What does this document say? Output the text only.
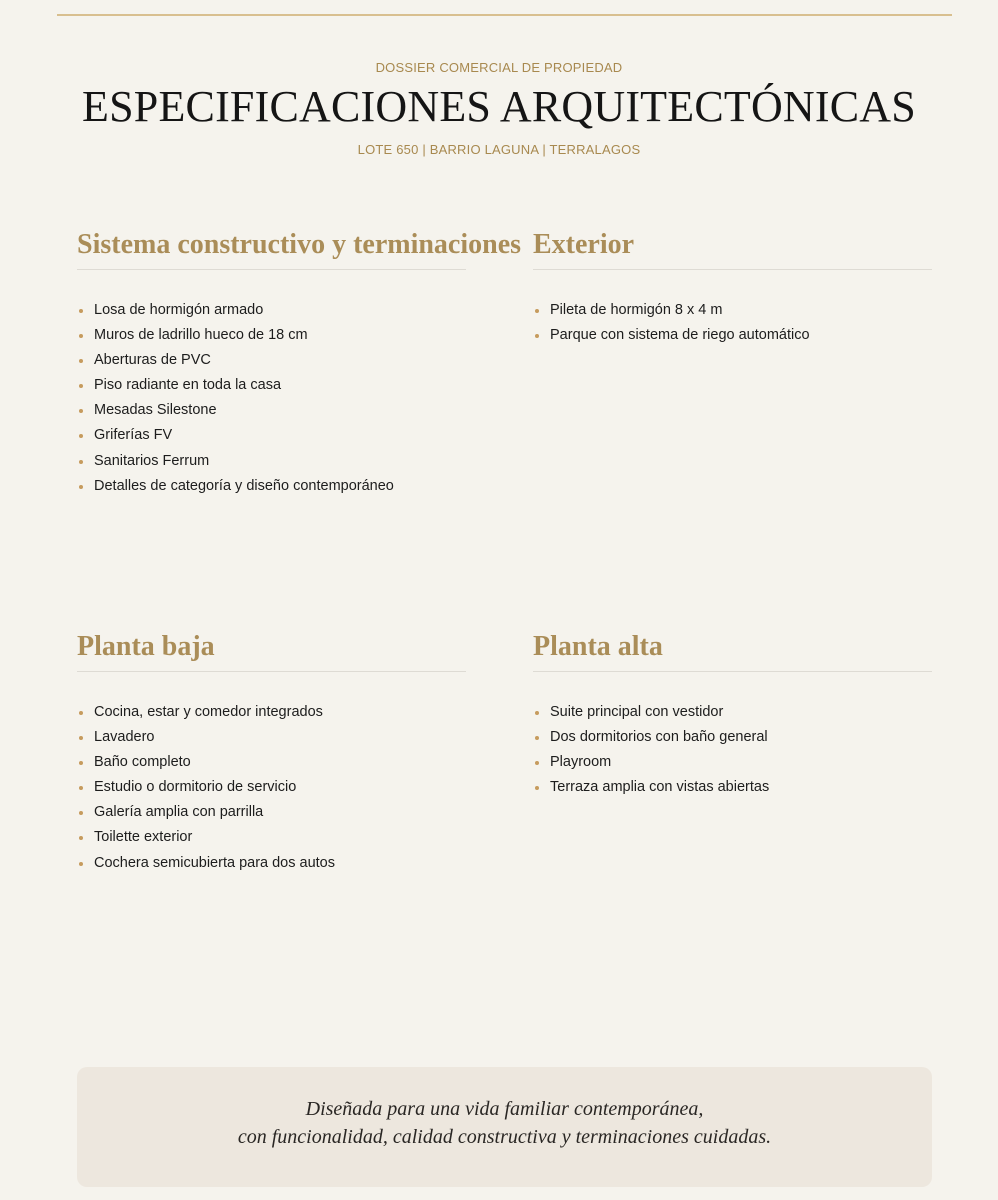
DOSSIER COMERCIAL DE PROPIEDAD
ESPECIFICACIONES ARQUITECTÓNICAS
LOTE 650 | BARRIO LAGUNA | TERRALAGOS
Sistema constructivo y terminaciones
Losa de hormigón armado
Muros de ladrillo hueco de 18 cm
Aberturas de PVC
Piso radiante en toda la casa
Mesadas Silestone
Griferías FV
Sanitarios Ferrum
Detalles de categoría y diseño contemporáneo
Exterior
Pileta de hormigón 8 x 4 m
Parque con sistema de riego automático
Planta baja
Cocina, estar y comedor integrados
Lavadero
Baño completo
Estudio o dormitorio de servicio
Galería amplia con parrilla
Toilette exterior
Cochera semicubierta para dos autos
Planta alta
Suite principal con vestidor
Dos dormitorios con baño general
Playroom
Terraza amplia con vistas abiertas
Diseñada para una vida familiar contemporánea,
con funcionalidad, calidad constructiva y terminaciones cuidadas.
